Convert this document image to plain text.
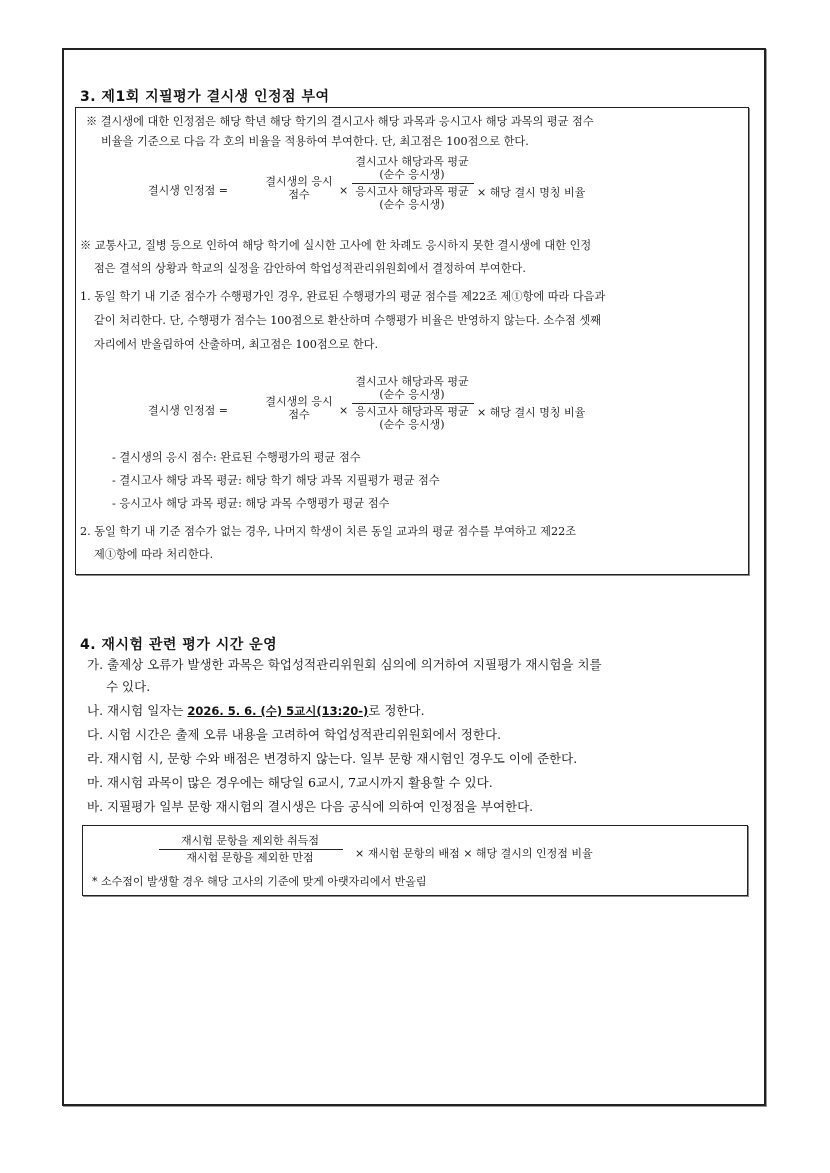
3. 제1회 지필평가 결시생 인정점 부여
※ 결시생에 대한 인정점은 해당 학년 해당 학기의 결시고사 해당 과목과 응시고사 해당 과목의 평균 점수
비율을 기준으로 다음 각 호의 비율을 적용하여 부여한다. 단, 최고점은 100점으로 한다.
결시생 인정점 =
결시생의 응시
점수	×
결시고사 해당과목 평균
(순수 응시생)
응시고사 해당과목 평균
(순수 응시생)
× 해당 결시 명칭 비율
※ 교통사고, 질병 등으로 인하여 해당 학기에 실시한 고사에 한 차례도 응시하지 못한 결시생에 대한 인정
점은 결석의 상황과 학교의 실정을 감안하여 학업성적관리위원회에서 결정하여 부여한다.
1. 동일 학기 내 기준 점수가 수행평가인 경우, 완료된 수행평가의 평균 점수를 제22조 제①항에 따라 다음과
같이 처리한다. 단, 수행평가 점수는 100점으로 환산하며 수행평가 비율은 반영하지 않는다. 소수점 셋째
자리에서 반올림하여 산출하며, 최고점은 100점으로 한다.
결시생 인정점 =
결시생의 응시
점수	×
결시고사 해당과목 평균
(순수 응시생)
응시고사 해당과목 평균
(순수 응시생)
× 해당 결시 명칭 비율
- 결시생의 응시 점수: 완료된 수행평가의 평균 점수
- 결시고사 해당 과목 평균: 해당 학기 해당 과목 지필평가 평균 점수
- 응시고사 해당 과목 평균: 해당 과목 수행평가 평균 점수
2. 동일 학기 내 기준 점수가 없는 경우, 나머지 학생이 치른 동일 교과의 평균 점수를 부여하고 제22조
제①항에 따라 처리한다.
4. 재시험 관련 평가 시간 운영
가. 출제상 오류가 발생한 과목은 학업성적관리위원회 심의에 의거하여 지필평가 재시험을 치를
수 있다.
나. 재시험 일자는 2026. 5. 6. (수) 5교시(13:20-)로 정한다.
다. 시험 시간은 출제 오류 내용을 고려하여 학업성적관리위원회에서 정한다.
라. 재시험 시, 문항 수와 배점은 변경하지 않는다. 일부 문항 재시험인 경우도 이에 준한다.
마. 재시험 과목이 많은 경우에는 해당일 6교시, 7교시까지 활용할 수 있다.
바. 지필평가 일부 문항 재시험의 결시생은 다음 공식에 의하여 인정점을 부여한다.
재시험 문항을 제외한 취득점
재시험 문항을 제외한 만점	× 재시험 문항의 배점 × 해당 결시의 인정점 비율
* 소수점이 발생할 경우 해당 고사의 기준에 맞게 아랫자리에서 반올림
